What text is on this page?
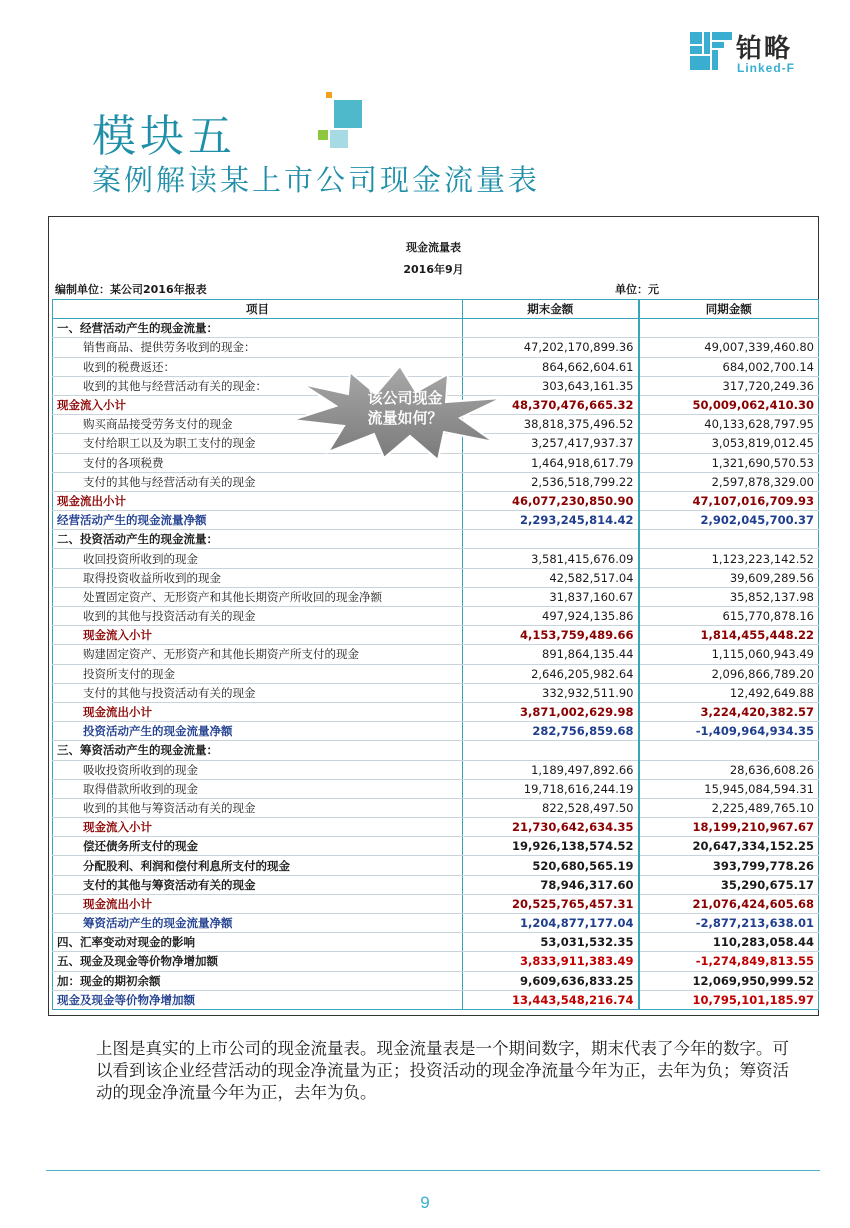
铂略
Linked-F
模块五
案例解读某上市公司现金流量表
现金流量表
2016年9月
编制单位：某公司2016年报表	单位：元
项目	期末金额	同期金额
一、经营活动产生的现金流量：		
销售商品、提供劳务收到的现金：	47,202,170,899.36	49,007,339,460.80
收到的税费返还：	864,662,604.61	684,002,700.14
收到的其他与经营活动有关的现金：	303,643,161.35	317,720,249.36
现金流入小计	48,370,476,665.32	50,009,062,410.30
购买商品接受劳务支付的现金	38,818,375,496.52	40,133,628,797.95
支付给职工以及为职工支付的现金	3,257,417,937.37	3,053,819,012.45
支付的各项税费	1,464,918,617.79	1,321,690,570.53
支付的其他与经营活动有关的现金	2,536,518,799.22	2,597,878,329.00
现金流出小计	46,077,230,850.90	47,107,016,709.93
经营活动产生的现金流量净额	2,293,245,814.42	2,902,045,700.37
二、投资活动产生的现金流量：		
收回投资所收到的现金	3,581,415,676.09	1,123,223,142.52
取得投资收益所收到的现金	42,582,517.04	39,609,289.56
处置固定资产、无形资产和其他长期资产所收回的现金净额	31,837,160.67	35,852,137.98
收到的其他与投资活动有关的现金	497,924,135.86	615,770,878.16
现金流入小计	4,153,759,489.66	1,814,455,448.22
购建固定资产、无形资产和其他长期资产所支付的现金	891,864,135.44	1,115,060,943.49
投资所支付的现金	2,646,205,982.64	2,096,866,789.20
支付的其他与投资活动有关的现金	332,932,511.90	12,492,649.88
现金流出小计	3,871,002,629.98	3,224,420,382.57
投资活动产生的现金流量净额	282,756,859.68	-1,409,964,934.35
三、筹资活动产生的现金流量：		
吸收投资所收到的现金	1,189,497,892.66	28,636,608.26
取得借款所收到的现金	19,718,616,244.19	15,945,084,594.31
收到的其他与筹资活动有关的现金	822,528,497.50	2,225,489,765.10
现金流入小计	21,730,642,634.35	18,199,210,967.67
偿还债务所支付的现金	19,926,138,574.52	20,647,334,152.25
分配股利、利润和偿付利息所支付的现金	520,680,565.19	393,799,778.26
支付的其他与筹资活动有关的现金	78,946,317.60	35,290,675.17
现金流出小计	20,525,765,457.31	21,076,424,605.68
筹资活动产生的现金流量净额	1,204,877,177.04	-2,877,213,638.01
四、汇率变动对现金的影响	53,031,532.35	110,283,058.44
五、现金及现金等价物净增加额	3,833,911,383.49	-1,274,849,813.55
加：现金的期初余额	9,609,636,833.25	12,069,950,999.52
现金及现金等价物净增加额	13,443,548,216.74	10,795,101,185.97
该公司现金
流量如何？
上图是真实的上市公司的现金流量表。现金流量表是一个期间数字，期末代表了今年的数字。可以看到该企业经营活动的现金净流量为正；投资活动的现金净流量今年为正，去年为负；筹资活动的现金净流量今年为正，去年为负。
9
